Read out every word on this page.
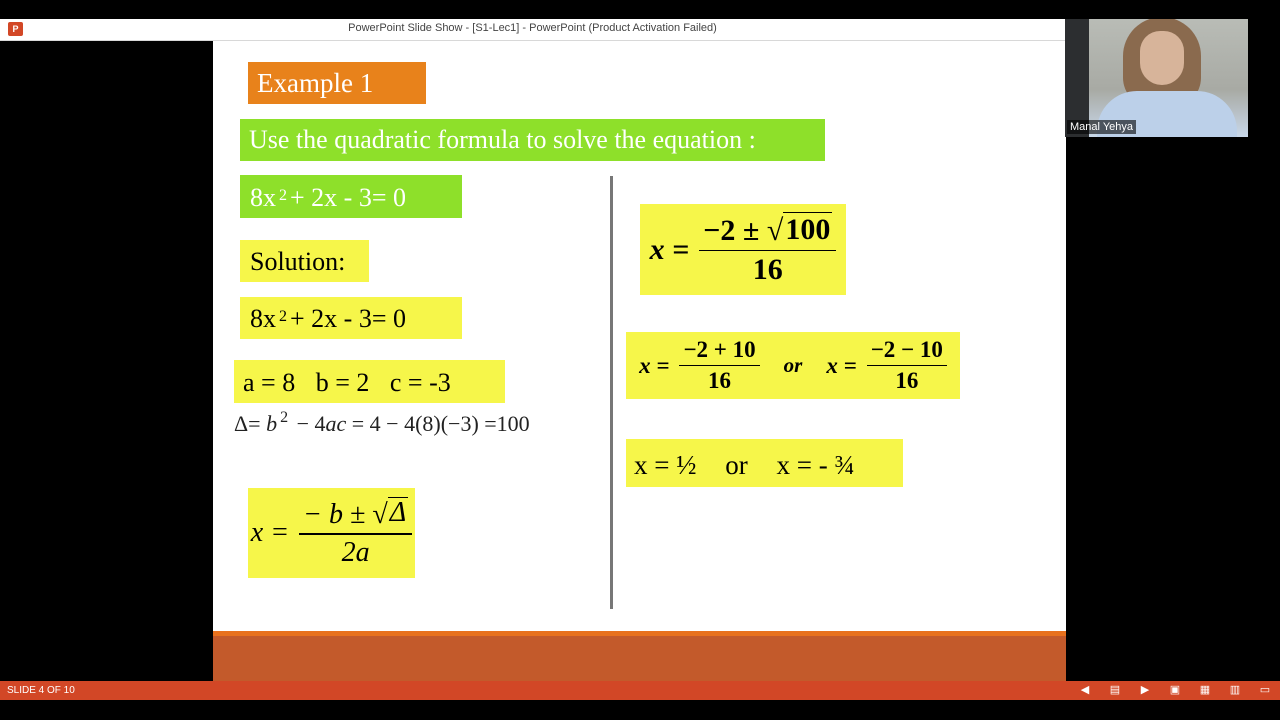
P	PowerPoint Slide Show - [S1-Lec1] - PowerPoint (Product Activation Failed)
Example 1
Use the quadratic formula to solve the equation :
8x $^2$ + 2x - 3= 0
Solution:
8x $^2$ + 2x - 3= 0
a = 8 b = 2 c = -3
Δ= b $^2$ − 4ac = 4 − 4(8)(−3) =100
$x = \frac{- b \pm √ \Delta}{2a}$
$x = \frac{-2 \pm √ 100}{16}$
$x = \frac{-2 + 10}{16}$ or $x = \frac{-2 - 10}{16}$
x = ½ or x = - ¾
Manal Yehya
SLIDE 4 OF 10	◀ ▤ ▶ ▣ ▦ ▥ ▭
